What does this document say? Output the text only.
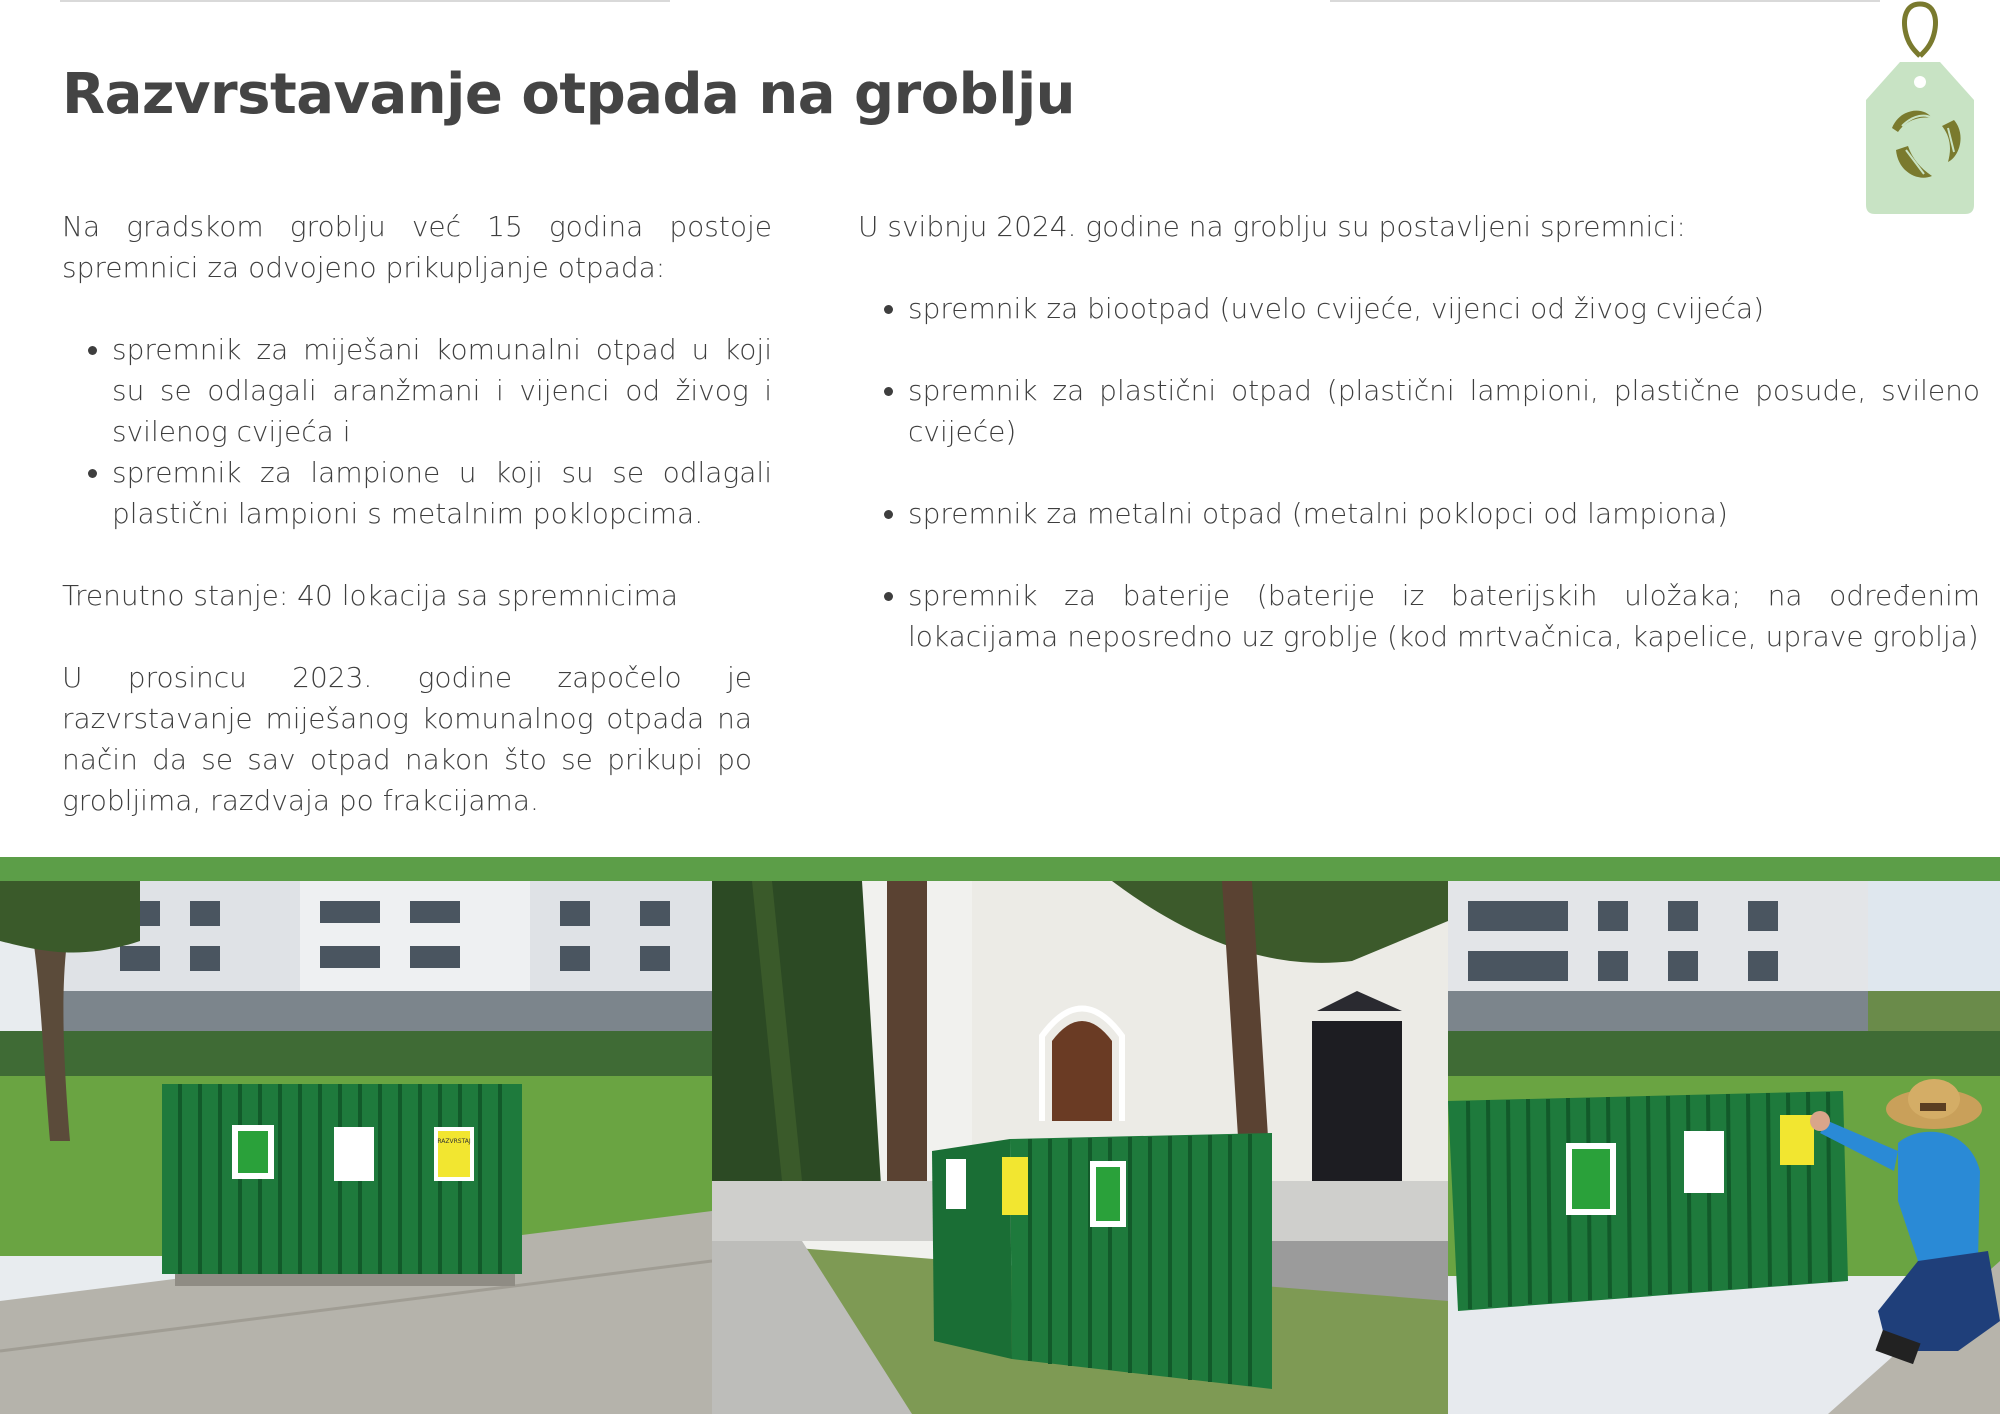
Razvrstavanje otpada na groblju

Na gradskom groblju već 15 godina postoje spremnici za odvojeno prikupljanje otpada:

• spremnik za miješani komunalni otpad u koji su se odlagali aranžmani i vijenci od živog i svilenog cvijeća i
• spremnik za lampione u koji su se odlagali plastični lampioni s metalnim poklopcima.

Trenutno stanje: 40 lokacija sa spremnicima

U prosincu 2023. godine započelo je razvrstavanje miješanog komunalnog otpada na način da se sav otpad nakon što se prikupi po grobljima, razdvaja po frakcijama.

U svibnju 2024. godine na groblju su postavljeni spremnici:

• spremnik za biootpad (uvelo cvijeće, vijenci od živog cvijeća)
• spremnik za plastični otpad (plastični lampioni, plastične posude, svileno cvijeće)
• spremnik za metalni otpad (metalni poklopci od lampiona)
• spremnik za baterije (baterije iz baterijskih uložaka; na određenim lokacijama neposredno uz groblje (kod mrtvačnica, kapelice, uprave groblja)
RAZVRSTAJ
